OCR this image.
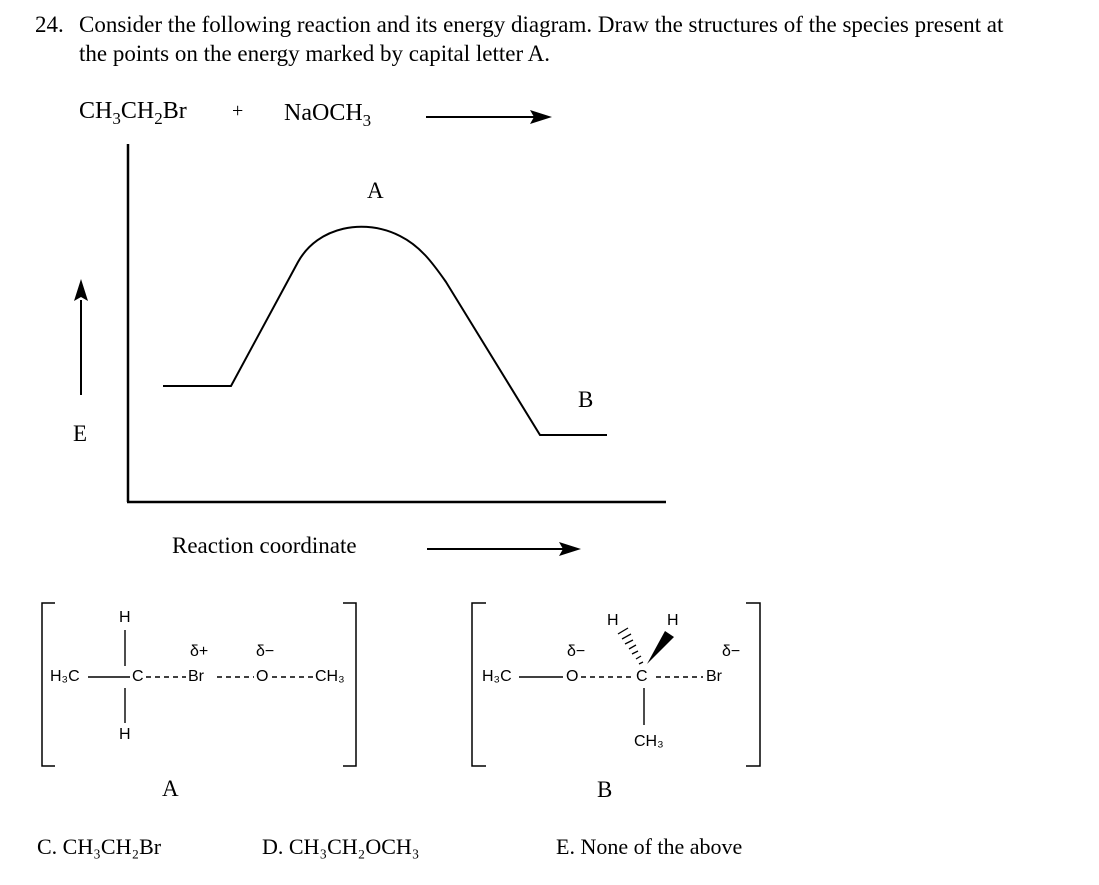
24. Consider the following reaction and its energy diagram. Draw the structures of the species present at
the points on the energy marked by capital letter A.
$CH_3CH_2Br$ + NaOCH$_3$
A
B
E
Reaction coordinate
H₃C	C
H
H
Br	O	CH₃
δ+	δ−
A
H₃C	O
δ−
C
H	H
CH₃
Br
δ−
B
C. CH₃CH₂Br	D. CH₃CH₂OCH₃	E. None of the above
